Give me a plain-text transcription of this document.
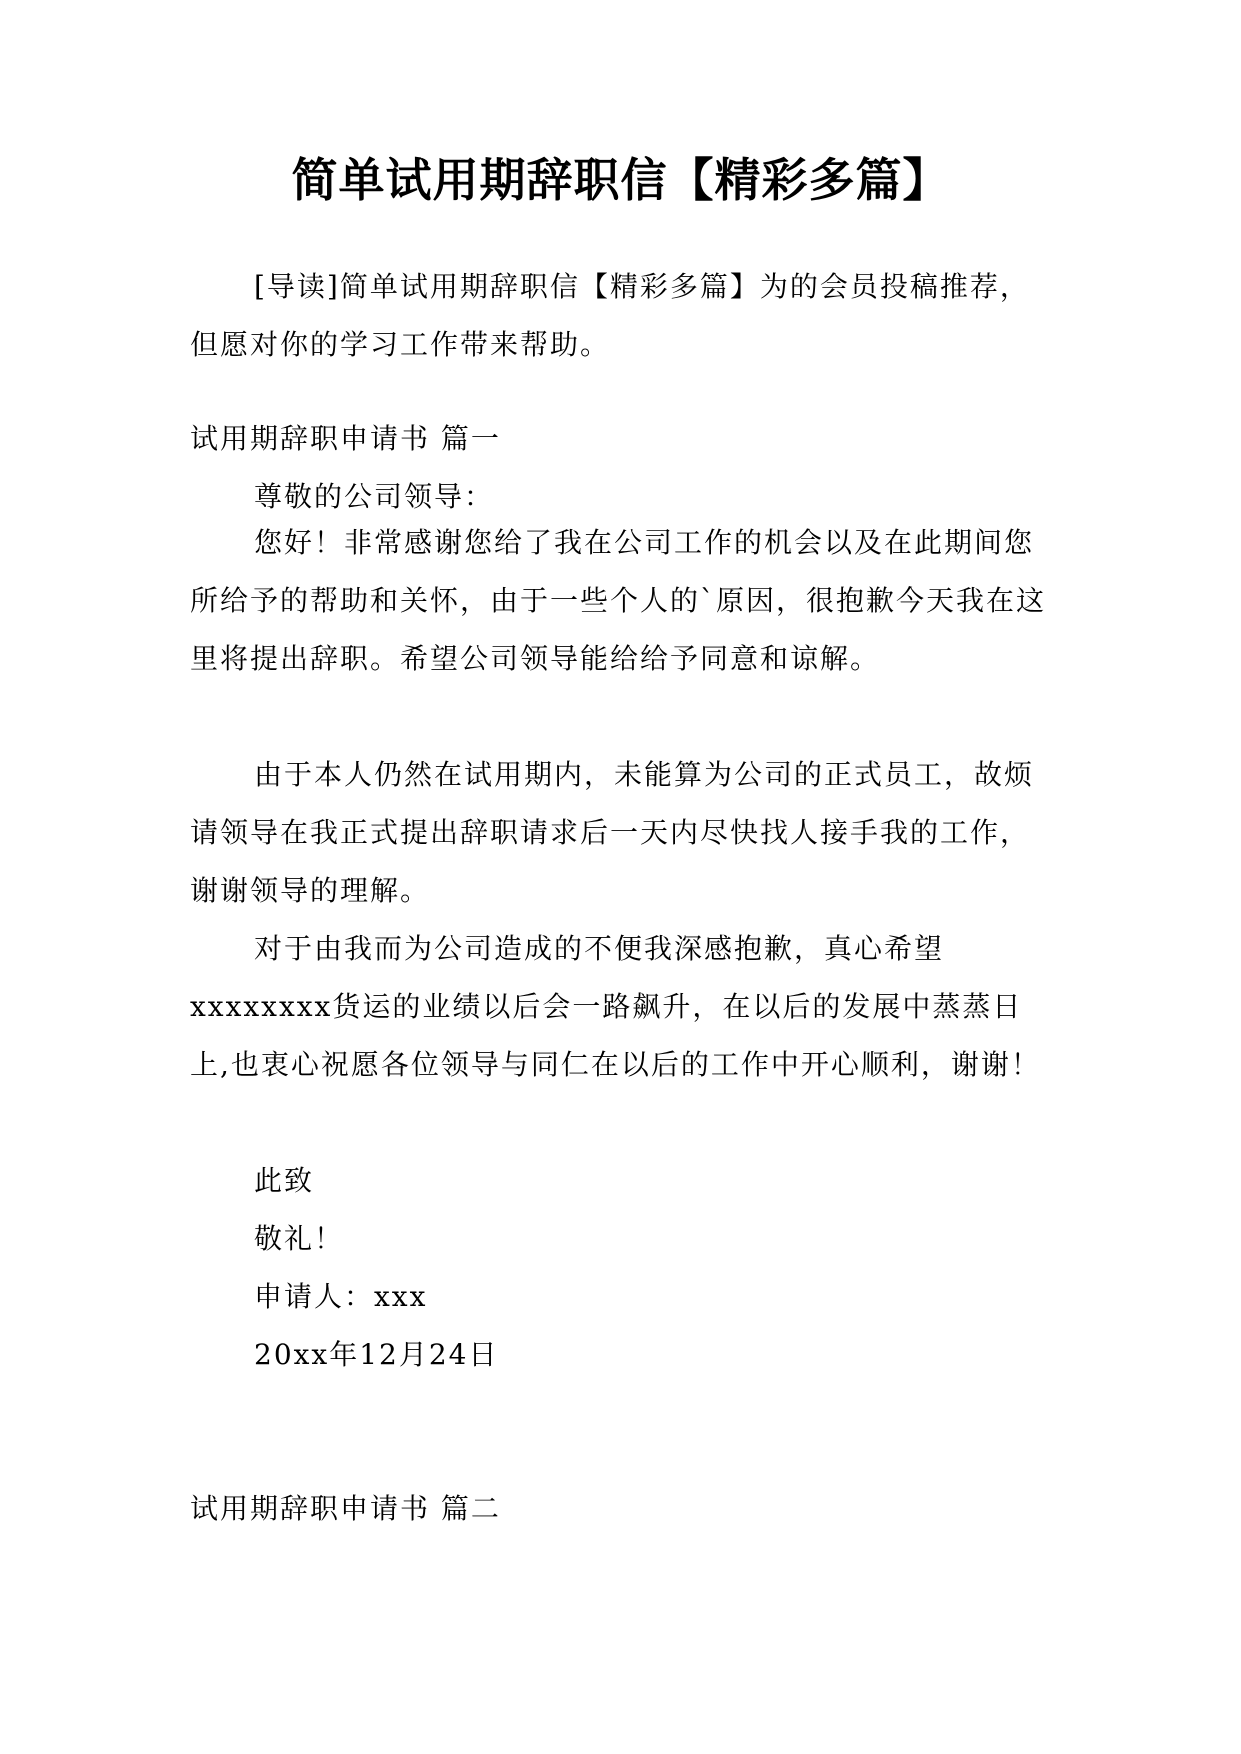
简单试用期辞职信【精彩多篇】

[导读]简单试用期辞职信【精彩多篇】为的会员投稿推荐，但愿对你的学习工作带来帮助。

试用期辞职申请书 篇一

尊敬的公司领导：

您好！非常感谢您给了我在公司工作的机会以及在此期间您所给予的帮助和关怀，由于一些个人的`原因，很抱歉今天我在这里将提出辞职。希望公司领导能给给予同意和谅解。

由于本人仍然在试用期内，未能算为公司的正式员工，故烦请领导在我正式提出辞职请求后一天内尽快找人接手我的工作，谢谢领导的理解。

对于由我而为公司造成的不便我深感抱歉，真心希望xxxxxxxx货运的业绩以后会一路飙升，在以后的发展中蒸蒸日上,也衷心祝愿各位领导与同仁在以后的工作中开心顺利，谢谢！

此致

敬礼！

申请人：xxx

20xx年12月24日

试用期辞职申请书 篇二
